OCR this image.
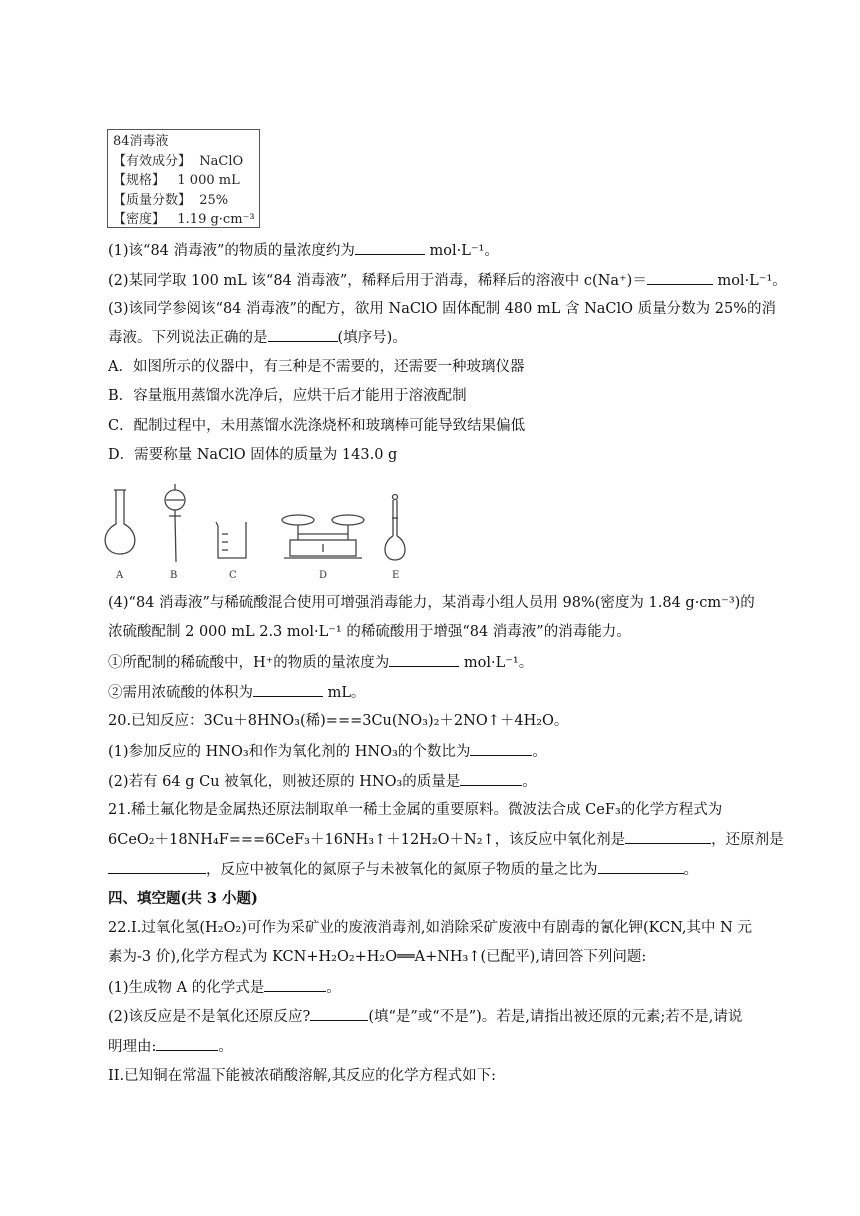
84消毒液
【有效成分】  NaClO
【规格】   1 000 mL
【质量分数】  25%
【密度】   1.19 g·cm⁻³
(1)该“84 消毒液”的物质的量浓度约为	mol·L⁻¹。
(2)某同学取 100 mL 该“84 消毒液”，稀释后用于消毒，稀释后的溶液中 c(Na⁺)＝	mol·L⁻¹。
(3)该同学参阅该“84 消毒液”的配方，欲用 NaClO 固体配制 480 mL 含 NaClO 质量分数为 25%的消
毒液。下列说法正确的是	(填序号)。
A．如图所示的仪器中，有三种是不需要的，还需要一种玻璃仪器
B．容量瓶用蒸馏水洗净后，应烘干后才能用于溶液配制
C．配制过程中，未用蒸馏水洗涤烧杯和玻璃棒可能导致结果偏低
D．需要称量 NaClO 固体的质量为 143.0 g
A	B	C	D	E
(4)“84 消毒液”与稀硫酸混合使用可增强消毒能力，某消毒小组人员用 98%(密度为 1.84 g·cm⁻³)的
浓硫酸配制 2 000 mL 2.3 mol·L⁻¹ 的稀硫酸用于增强“84 消毒液”的消毒能力。
①所配制的稀硫酸中，H⁺的物质的量浓度为	mol·L⁻¹。
②需用浓硫酸的体积为	mL。
20.已知反应：3Cu＋8HNO₃(稀)===3Cu(NO₃)₂＋2NO↑＋4H₂O。
(1)参加反应的 HNO₃和作为氧化剂的 HNO₃的个数比为	。
(2)若有 64 g Cu 被氧化，则被还原的 HNO₃的质量是	。
21.稀土氟化物是金属热还原法制取单一稀土金属的重要原料。微波法合成 CeF₃的化学方程式为
6CeO₂＋18NH₄F===6CeF₃＋16NH₃↑＋12H₂O＋N₂↑，该反应中氧化剂是	，还原剂是
，反应中被氧化的氮原子与未被氧化的氮原子物质的量之比为	。
四、填空题(共 3 小题)
22.I.过氧化氢(H₂O₂)可作为采矿业的废液消毒剂,如消除采矿废液中有剧毒的氰化钾(KCN,其中 N 元
素为-3 价),化学方程式为 KCN+H₂O₂+H₂O══A+NH₃↑(已配平),请回答下列问题:
(1)生成物 A 的化学式是	。
(2)该反应是不是氧化还原反应?	(填“是”或“不是”)。若是,请指出被还原的元素;若不是,请说
明理由:	。
II.已知铜在常温下能被浓硝酸溶解,其反应的化学方程式如下:
